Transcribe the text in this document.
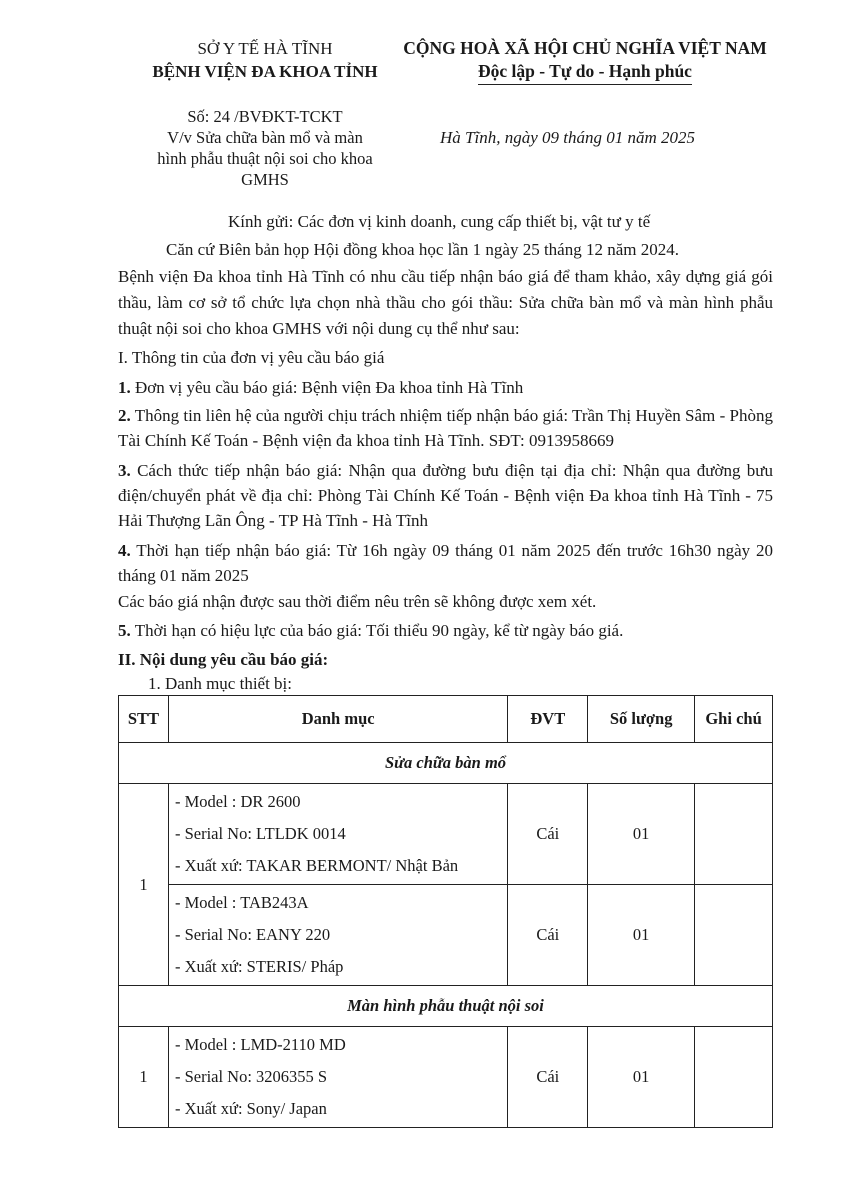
SỞ Y TẾ HÀ TĨNH
BỆNH VIỆN ĐA KHOA TỈNH
CỘNG HOÀ XÃ HỘI CHỦ NGHĨA VIỆT NAM
Độc lập - Tự do - Hạnh phúc
Số: 24 /BVĐKT-TCKT
V/v Sửa chữa bàn mổ và màn
hình phẫu thuật nội soi cho khoa
GMHS
Hà Tĩnh, ngày 09 tháng 01 năm 2025
Kính gửi: Các đơn vị kinh doanh, cung cấp thiết bị, vật tư y tế
Căn cứ Biên bản họp Hội đồng khoa học lần 1 ngày 25 tháng 12 năm 2024.
Bệnh viện Đa khoa tỉnh Hà Tĩnh có nhu cầu tiếp nhận báo giá để tham khảo, xây dựng giá gói thầu, làm cơ sở tổ chức lựa chọn nhà thầu cho gói thầu: Sửa chữa bàn mổ và màn hình phẫu thuật nội soi cho khoa GMHS với nội dung cụ thể như sau:
I. Thông tin của đơn vị yêu cầu báo giá
1. Đơn vị yêu cầu báo giá: Bệnh viện Đa khoa tỉnh Hà Tĩnh
2. Thông tin liên hệ của người chịu trách nhiệm tiếp nhận báo giá: Trần Thị Huyền Sâm - Phòng Tài Chính Kế Toán - Bệnh viện đa khoa tỉnh Hà Tĩnh. SĐT: 0913958669
3. Cách thức tiếp nhận báo giá: Nhận qua đường bưu điện tại địa chỉ: Nhận qua đường bưu điện/chuyển phát về địa chỉ: Phòng Tài Chính Kế Toán - Bệnh viện Đa khoa tỉnh Hà Tĩnh - 75 Hải Thượng Lãn Ông - TP Hà Tĩnh - Hà Tĩnh
4. Thời hạn tiếp nhận báo giá: Từ 16h ngày 09 tháng 01 năm 2025 đến trước 16h30 ngày 20 tháng 01 năm 2025
Các báo giá nhận được sau thời điểm nêu trên sẽ không được xem xét.
5. Thời hạn có hiệu lực của báo giá: Tối thiểu 90 ngày, kể từ ngày báo giá.
II. Nội dung yêu cầu báo giá:
1. Danh mục thiết bị:
STT	Danh mục	ĐVT	Số lượng	Ghi chú
Sửa chữa bàn mổ				
1	- Model : DR 2600
- Serial No: LTLDK 0014
- Xuất xứ: TAKAR BERMONT/ Nhật Bản	Cái	01	

	- Model : TAB243A
- Serial No: EANY 220
- Xuất xứ: STERIS/ Pháp	Cái	01	
Màn hình phẫu thuật nội soi				
1	- Model : LMD-2110 MD
- Serial No: 3206355 S
- Xuất xứ: Sony/ Japan	Cái	01	
